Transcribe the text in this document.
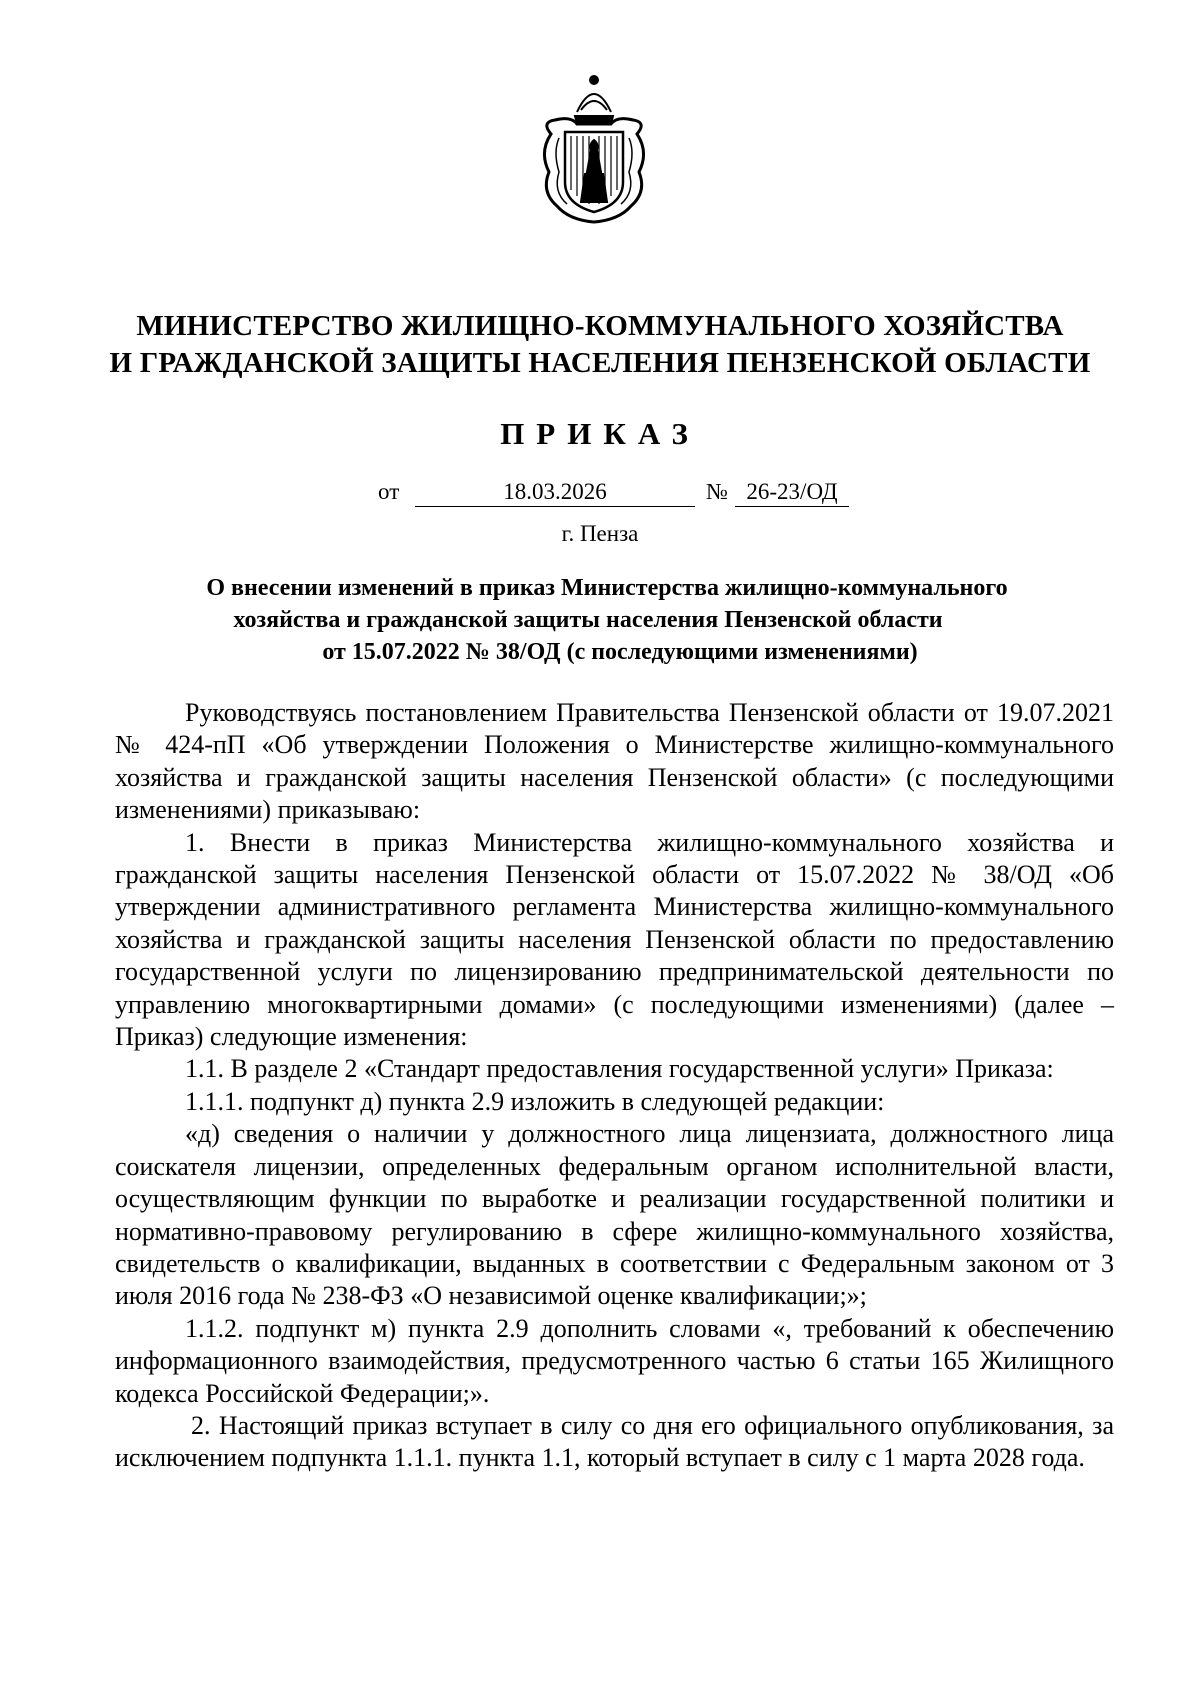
МИНИСТЕРСТВО ЖИЛИЩНО-КОММУНАЛЬНОГО ХОЗЯЙСТВА
И ГРАЖДАНСКОЙ ЗАЩИТЫ НАСЕЛЕНИЯ ПЕНЗЕНСКОЙ ОБЛАСТИ
ПРИКАЗ
от	18.03.2026	№ 26-23/ОД
г. Пенза
О внесении изменений в приказ Министерства жилищно-коммунального
хозяйства и гражданской защиты населения Пензенской области
от 15.07.2022 № 38/ОД (с последующими изменениями)

Руководствуясь постановлением Правительства Пензенской области от 19.07.2021 № 424-пП «Об утверждении Положения о Министерстве жилищно-коммунального хозяйства и гражданской защиты населения Пензенской области» (с последующими изменениями) приказываю:

1. Внести в приказ Министерства жилищно-коммунального хозяйства и гражданской защиты населения Пензенской области от 15.07.2022 № 38/ОД «Об утверждении административного регламента Министерства жилищно-коммунального хозяйства и гражданской защиты населения Пензенской области по предоставлению государственной услуги по лицензированию предпринимательской деятельности по управлению многоквартирными домами» (с последующими изменениями) (далее – Приказ) следующие изменения:

1.1. В разделе 2 «Стандарт предоставления государственной услуги» Приказа:

1.1.1. подпункт д) пункта 2.9 изложить в следующей редакции:

«д) сведения о наличии у должностного лица лицензиата, должностного лица соискателя лицензии, определенных федеральным органом исполнительной власти, осуществляющим функции по выработке и реализации государственной политики и нормативно-правовому регулированию в сфере жилищно-коммунального хозяйства, свидетельств о квалификации, выданных в соответствии с Федеральным законом от 3 июля 2016 года № 238-ФЗ «О независимой оценке квалификации;»;

1.1.2. подпункт м) пункта 2.9 дополнить словами «, требований к обеспечению информационного взаимодействия, предусмотренного частью 6 статьи 165 Жилищного кодекса Российской Федерации;».

2. Настоящий приказ вступает в силу со дня его официального опубликования, за исключением подпункта 1.1.1. пункта 1.1, который вступает в силу с 1 марта 2028 года.
